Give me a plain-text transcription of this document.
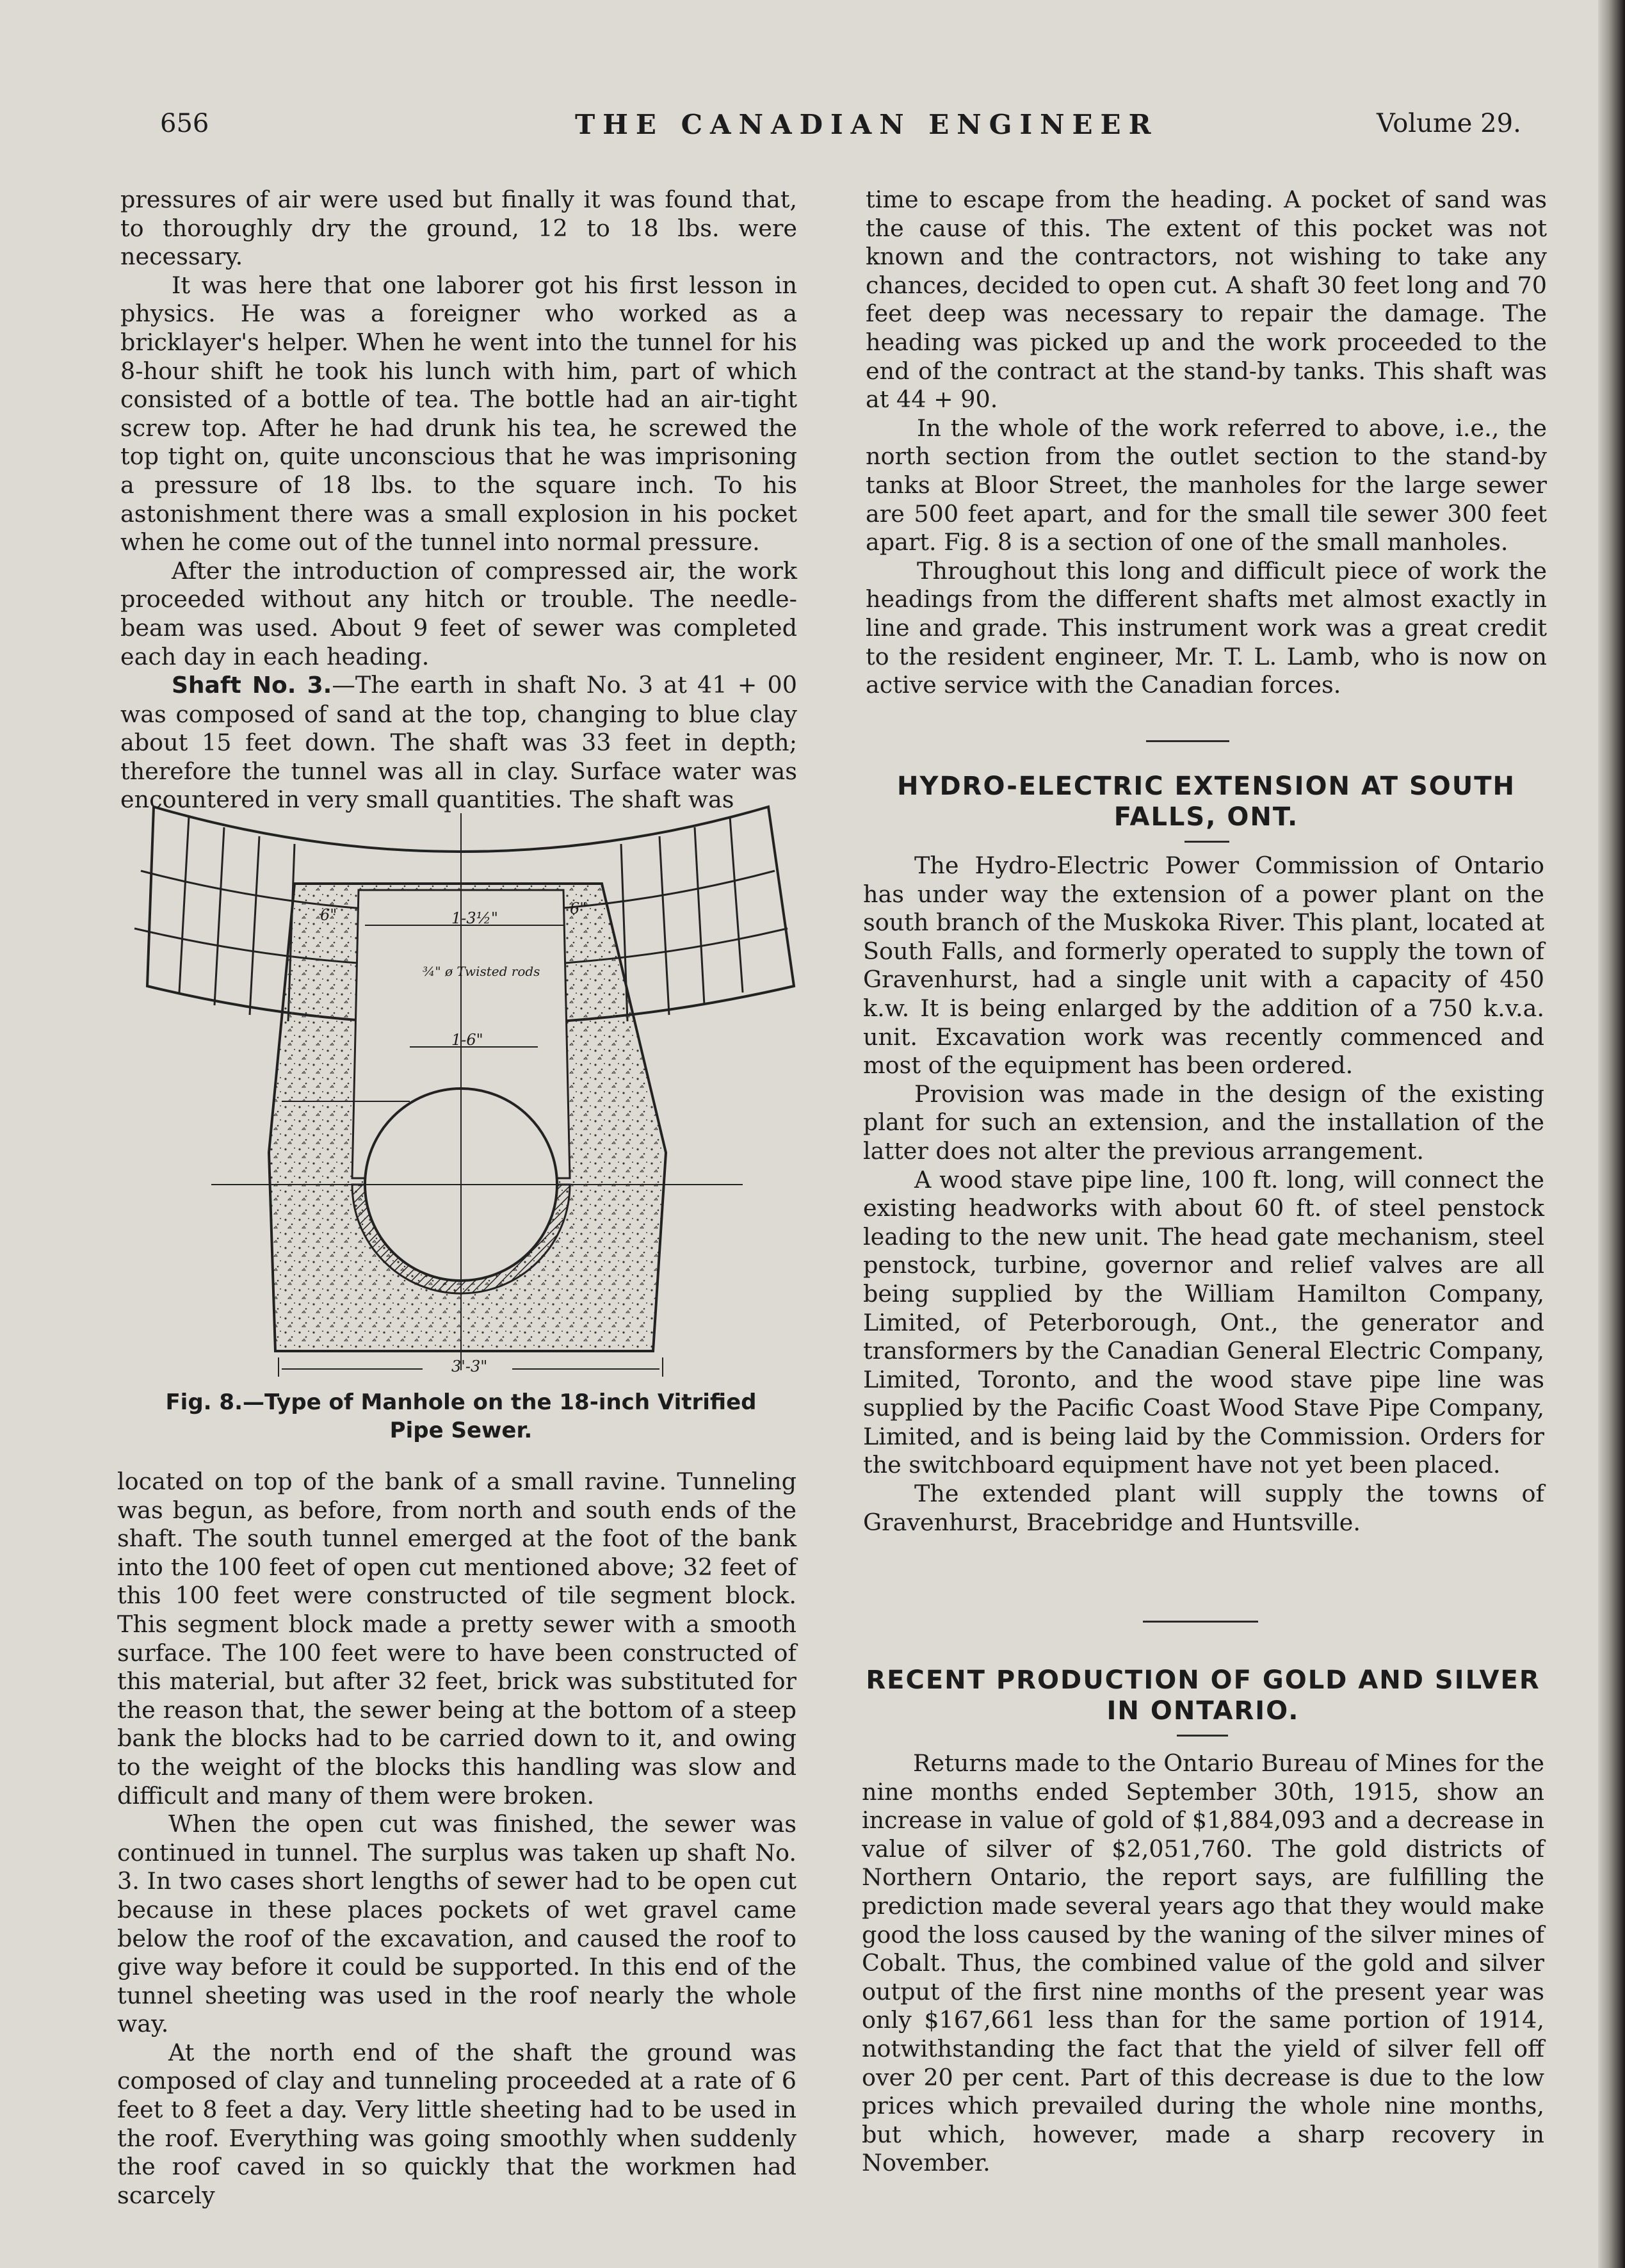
656	THE CANADIAN ENGINEER	Volume 29.

pressures of air were used but finally it was found that, to thoroughly dry the ground, 12 to 18 lbs. were necessary.

It was here that one laborer got his first lesson in physics. He was a foreigner who worked as a bricklayer's helper. When he went into the tunnel for his 8-hour shift he took his lunch with him, part of which consisted of a bottle of tea. The bottle had an air-tight screw top. After he had drunk his tea, he screwed the top tight on, quite unconscious that he was imprisoning a pressure of 18 lbs. to the square inch. To his astonishment there was a small explosion in his pocket when he come out of the tunnel into normal pressure.

After the introduction of compressed air, the work proceeded without any hitch or trouble. The needle-beam was used. About 9 feet of sewer was completed each day in each heading.

Shaft No. 3.—The earth in shaft No. 3 at 41 + 00 was composed of sand at the top, changing to blue clay about 15 feet down. The shaft was 33 feet in depth; therefore the tunnel was all in clay. Surface water was encountered in very small quantities. The shaft was

1-3½"
6"
6"
¾" ø Twisted rods
1-6"
3'-3"
Fig. 8.—Type of Manhole on the 18-inch Vitrified
Pipe Sewer.

located on top of the bank of a small ravine. Tunneling was begun, as before, from north and south ends of the shaft. The south tunnel emerged at the foot of the bank into the 100 feet of open cut mentioned above; 32 feet of this 100 feet were constructed of tile segment block. This segment block made a pretty sewer with a smooth surface. The 100 feet were to have been constructed of this material, but after 32 feet, brick was substituted for the reason that, the sewer being at the bottom of a steep bank the blocks had to be carried down to it, and owing to the weight of the blocks this handling was slow and difficult and many of them were broken.

When the open cut was finished, the sewer was continued in tunnel. The surplus was taken up shaft No. 3. In two cases short lengths of sewer had to be open cut because in these places pockets of wet gravel came below the roof of the excavation, and caused the roof to give way before it could be supported. In this end of the tunnel sheeting was used in the roof nearly the whole way.

At the north end of the shaft the ground was composed of clay and tunneling proceeded at a rate of 6 feet to 8 feet a day. Very little sheeting had to be used in the roof. Everything was going smoothly when suddenly the roof caved in so quickly that the workmen had scarcely

time to escape from the heading. A pocket of sand was the cause of this. The extent of this pocket was not known and the contractors, not wishing to take any chances, decided to open cut. A shaft 30 feet long and 70 feet deep was necessary to repair the damage. The heading was picked up and the work proceeded to the end of the contract at the stand-by tanks. This shaft was at 44 + 90.

In the whole of the work referred to above, i.e., the north section from the outlet section to the stand-by tanks at Bloor Street, the manholes for the large sewer are 500 feet apart, and for the small tile sewer 300 feet apart. Fig. 8 is a section of one of the small manholes.

Throughout this long and difficult piece of work the headings from the different shafts met almost exactly in line and grade. This instrument work was a great credit to the resident engineer, Mr. T. L. Lamb, who is now on active service with the Canadian forces.

HYDRO-ELECTRIC EXTENSION AT SOUTH FALLS, ONT.

The Hydro-Electric Power Commission of Ontario has under way the extension of a power plant on the south branch of the Muskoka River. This plant, located at South Falls, and formerly operated to supply the town of Gravenhurst, had a single unit with a capacity of 450 k.w. It is being enlarged by the addition of a 750 k.v.a. unit. Excavation work was recently commenced and most of the equipment has been ordered.

Provision was made in the design of the existing plant for such an extension, and the installation of the latter does not alter the previous arrangement.

A wood stave pipe line, 100 ft. long, will connect the existing headworks with about 60 ft. of steel penstock leading to the new unit. The head gate mechanism, steel penstock, turbine, governor and relief valves are all being supplied by the William Hamilton Company, Limited, of Peterborough, Ont., the generator and transformers by the Canadian General Electric Company, Limited, Toronto, and the wood stave pipe line was supplied by the Pacific Coast Wood Stave Pipe Company, Limited, and is being laid by the Commission. Orders for the switchboard equipment have not yet been placed.

The extended plant will supply the towns of Gravenhurst, Bracebridge and Huntsville.

RECENT PRODUCTION OF GOLD AND SILVER IN ONTARIO.

Returns made to the Ontario Bureau of Mines for the nine months ended September 30th, 1915, show an increase in value of gold of $1,884,093 and a decrease in value of silver of $2,051,760. The gold districts of Northern Ontario, the report says, are fulfilling the prediction made several years ago that they would make good the loss caused by the waning of the silver mines of Cobalt. Thus, the combined value of the gold and silver output of the first nine months of the present year was only $167,661 less than for the same portion of 1914, notwithstanding the fact that the yield of silver fell off over 20 per cent. Part of this decrease is due to the low prices which prevailed during the whole nine months, but which, however, made a sharp recovery in November.
